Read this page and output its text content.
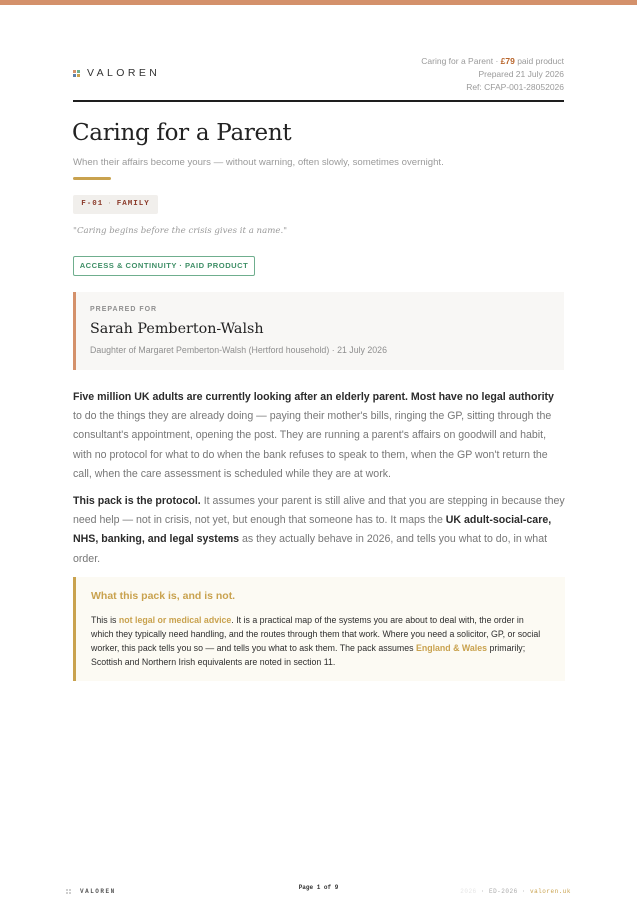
VALOREN
Caring for a Parent · £79 paid product
Prepared 21 July 2026
Ref: CFAP-001-28052026
Caring for a Parent
When their affairs become yours — without warning, often slowly, sometimes overnight.
F-01 · FAMILY
"Caring begins before the crisis gives it a name."
ACCESS & CONTINUITY · PAID PRODUCT
PREPARED FOR
Sarah Pemberton-Walsh
Daughter of Margaret Pemberton-Walsh (Hertford household) · 21 July 2026

Five million UK adults are currently looking after an elderly parent. Most have no legal authority to do the things they are already doing — paying their mother's bills, ringing the GP, sitting through the consultant's appointment, opening the post. They are running a parent's affairs on goodwill and habit, with no protocol for what to do when the bank refuses to speak to them, when the GP won't return the call, when the care assessment is scheduled while they are at work.

This pack is the protocol. It assumes your parent is still alive and that you are stepping in because they need help — not in crisis, not yet, but enough that someone has to. It maps the UK adult-social-care, NHS, banking, and legal systems as they actually behave in 2026, and tells you what to do, in what order.

What this pack is, and is not.

This is not legal or medical advice. It is a practical map of the systems you are about to deal with, the order in which they typically need handling, and the routes through them that work. Where you need a solicitor, GP, or social worker, this pack tells you so — and tells you what to ask them. The pack assumes England & Wales primarily; Scottish and Northern Irish equivalents are noted in section 11.

VALOREN
Page 1 of 9
2026 · ED-2026 · valoren.uk
